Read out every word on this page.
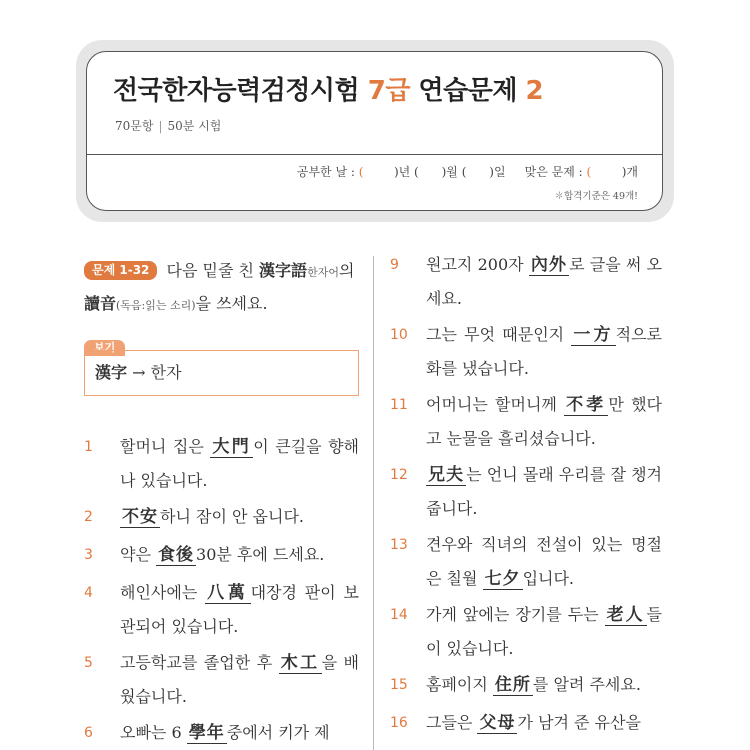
전국한자능력검정시험 7급 연습문제 2
70문항 | 50분 시험
공부한 날 : (	)년 ( )월 ( )일 맞은 문제 : (	)개
✽합격기준은 49개!
문제 1-32 다음 밑줄 친 漢字語한자어의 讀音(독음:읽는 소리)을 쓰세요.
보기
漢字 → 한자
1 할머니 집은 大門 이 큰길을 향해 나 있습니다.
2 不安 하니 잠이 안 옵니다.
3 약은 食後 30분 후에 드세요.
4 해인사에는 八萬 대장경 판이 보관되어 있습니다.
5 고등학교를 졸업한 후 木工 을 배웠습니다.
6 오빠는 6 學年 중에서 키가 제
9 원고지 200자 內外 로 글을 써 오세요.
10 그는 무엇 때문인지 一方 적으로 화를 냈습니다.
11 어머니는 할머니께 不孝 만 했다고 눈물을 흘리셨습니다.
12 兄夫 는 언니 몰래 우리를 잘 챙겨줍니다.
13 견우와 직녀의 전설이 있는 명절은 칠월 七夕 입니다.
14 가게 앞에는 장기를 두는 老人 들이 있습니다.
15 홈페이지 住所 를 알려 주세요.
16 그들은 父母 가 남겨 준 유산을
